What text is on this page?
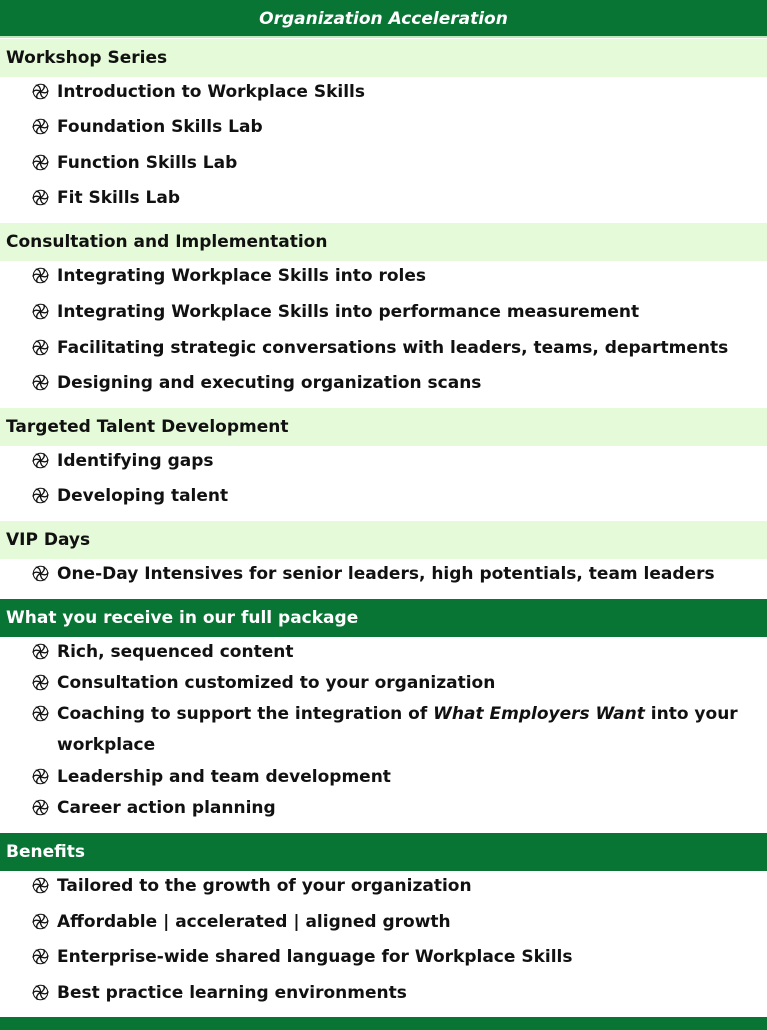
Organization Acceleration
Workshop Series
Introduction to Workplace Skills
Foundation Skills Lab
Function Skills Lab
Fit Skills Lab
Consultation and Implementation
Integrating Workplace Skills into roles
Integrating Workplace Skills into performance measurement
Facilitating strategic conversations with leaders, teams, departments
Designing and executing organization scans
Targeted Talent Development
Identifying gaps
Developing talent
VIP Days
One-Day Intensives for senior leaders, high potentials, team leaders
What you receive in our full package
Rich, sequenced content
Consultation customized to your organization
Coaching to support the integration of What Employers Want into your workplace
Leadership and team development
Career action planning
Benefits
Tailored to the growth of your organization
Affordable | accelerated | aligned growth
Enterprise-wide shared language for Workplace Skills
Best practice learning environments
